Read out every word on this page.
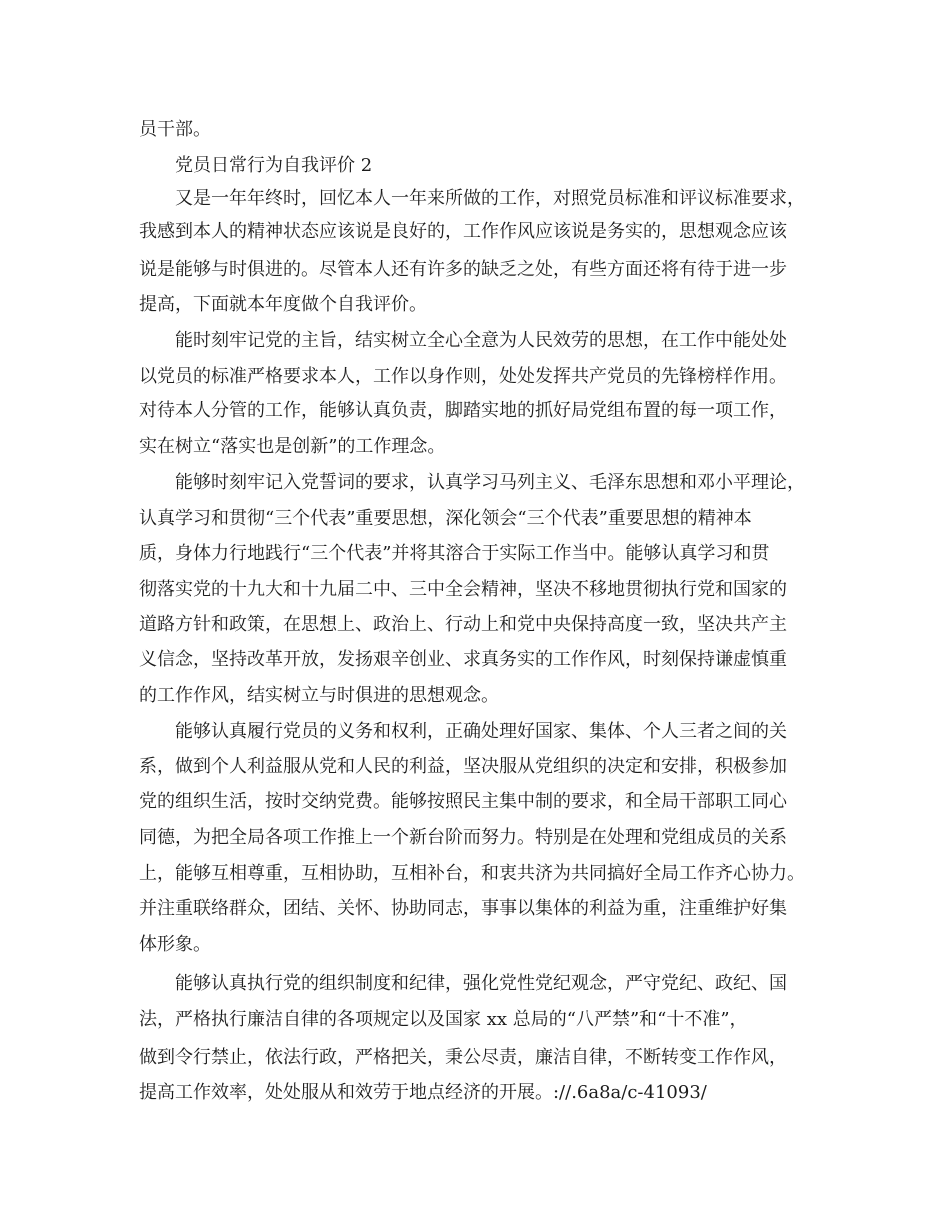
员干部。
党员日常行为自我评价 2
又是一年年终时，回忆本人一年来所做的工作，对照党员标准和评议标准要求，
我感到本人的精神状态应该说是良好的，工作作风应该说是务实的，思想观念应该
说是能够与时俱进的。尽管本人还有许多的缺乏之处，有些方面还将有待于进一步
提高，下面就本年度做个自我评价。
能时刻牢记党的主旨，结实树立全心全意为人民效劳的思想，在工作中能处处
以党员的标准严格要求本人，工作以身作则，处处发挥共产党员的先锋榜样作用。
对待本人分管的工作，能够认真负责，脚踏实地的抓好局党组布置的每一项工作，
实在树立“落实也是创新”的工作理念。
能够时刻牢记入党誓词的要求，认真学习马列主义、毛泽东思想和邓小平理论，
认真学习和贯彻“三个代表”重要思想，深化领会“三个代表”重要思想的精神本
质，身体力行地践行“三个代表”并将其溶合于实际工作当中。能够认真学习和贯
彻落实党的十九大和十九届二中、三中全会精神，坚决不移地贯彻执行党和国家的
道路方针和政策，在思想上、政治上、行动上和党中央保持高度一致，坚决共产主
义信念，坚持改革开放，发扬艰辛创业、求真务实的工作作风，时刻保持谦虚慎重
的工作作风，结实树立与时俱进的思想观念。
能够认真履行党员的义务和权利，正确处理好国家、集体、个人三者之间的关
系，做到个人利益服从党和人民的利益，坚决服从党组织的决定和安排，积极参加
党的组织生活，按时交纳党费。能够按照民主集中制的要求，和全局干部职工同心
同德，为把全局各项工作推上一个新台阶而努力。特别是在处理和党组成员的关系
上，能够互相尊重，互相协助，互相补台，和衷共济为共同搞好全局工作齐心协力。
并注重联络群众，团结、关怀、协助同志，事事以集体的利益为重，注重维护好集
体形象。
能够认真执行党的组织制度和纪律，强化党性党纪观念，严守党纪、政纪、国
法，严格执行廉洁自律的各项规定以及国家 xx 总局的“八严禁”和“十不准”，
做到令行禁止，依法行政，严格把关，秉公尽责，廉洁自律，不断转变工作作风，
提高工作效率，处处服从和效劳于地点经济的开展。://.6a8a/c-41093/
